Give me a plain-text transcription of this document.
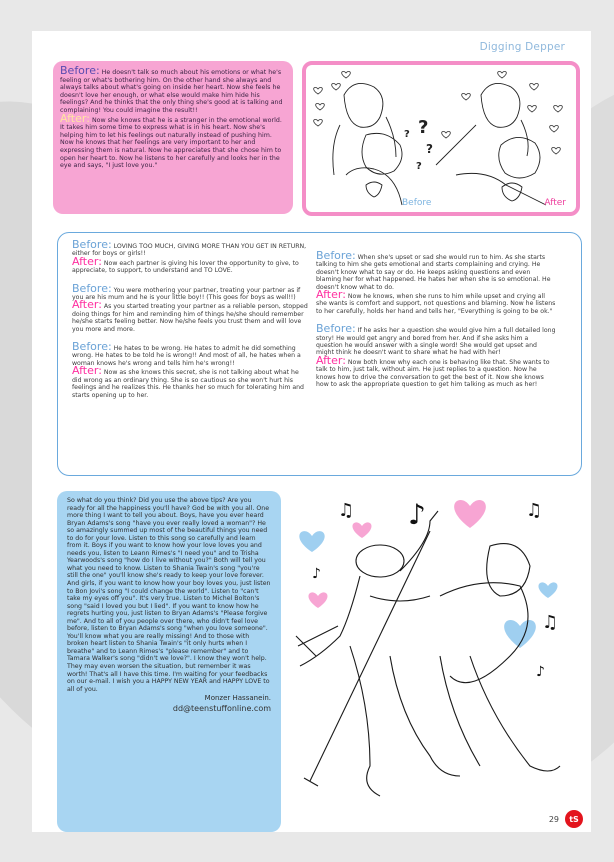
Digging Depper

Before: He doesn't talk so much about his emotions or what he's feeling or what's bothering him. On the other hand she always and always talks about what's going on inside her heart. Now she feels he doesn't love her enough, or what else would make him hide his feelings? And he thinks that the only thing she's good at is talking and complaining! You could imagine the result!!

After: Now she knows that he is a stranger in the emotional world. It takes him some time to express what is in his heart. Now she's helping him to let his feelings out naturally instead of pushing him. Now he knows that her feelings are very important to her and expressing them is natural. Now he appreciates that she chose him to open her heart to. Now he listens to her carefully and looks her in the eye and says, "I just love you."

? ?
?
?
Before	After

Before: LOVING TOO MUCH, GIVING MORE THAN YOU GET IN RETURN, either for boys or girls!!

After: Now each partner is giving his lover the opportunity to give, to appreciate, to support, to understand and TO LOVE.

Before: You were mothering your partner, treating your partner as if you are his mum and he is your little boy!! (This goes for boys as well!!)

After: As you started treating your partner as a reliable person, stopped doing things for him and reminding him of things he/she should remember he/she starts feeling better. Now he/she feels you trust them and will love you more and more.

Before: He hates to be wrong. He hates to admit he did something wrong. He hates to be told he is wrong!! And most of all, he hates when a woman knows he's wrong and tells him he's wrong!!

After: Now as she knows this secret, she is not talking about what he did wrong as an ordinary thing. She is so cautious so she won't hurt his feelings and he realizes this. He thanks her so much for tolerating him and starts opening up to her.

Before: When she's upset or sad she would run to him. As she starts talking to him she gets emotional and starts complaining and crying. He doesn't know what to say or do. He keeps asking questions and even blaming her for what happened. He hates her when she is so emotional. He doesn't know what to do.

After: Now he knows, when she runs to him while upset and crying all she wants is comfort and support, not questions and blaming. Now he listens to her carefully, holds her hand and tells her, "Everything is going to be ok."

Before: If he asks her a question she would give him a full detailed long story! He would get angry and bored from her. And if she asks him a question he would answer with a single word! She would get upset and might think he doesn't want to share what he had with her!

After: Now both know why each one is behaving like that. She wants to talk to him, just talk, without aim. He just replies to a question. Now he knows how to drive the conversation to get the best of it. Now she knows how to ask the appropriate question to get him talking as much as her!

So what do you think? Did you use the above tips? Are you ready for all the happiness you'll have? God be with you all. One more thing I want to tell you about. Boys, have you ever heard Bryan Adams's song "have you ever really loved a woman"? He so amazingly summed up most of the beautiful things you need to do for your love. Listen to this song so carefully and learn from it. Boys if you want to know how your love loves you and needs you, listen to Leann Rimes's "I need you" and to Trisha Yearwoods's song "how do I live without you?" Both will tell you what you need to know. Listen to Shania Twain's song "you're still the one" you'll know she's ready to keep your love forever. And girls, if you want to know how your boy loves you, just listen to Bon Jovi's song "I could change the world". Listen to "can't take my eyes off you". It's very true. Listen to Michel Bolton's song "said I loved you but I lied". If you want to know how he regrets hurting you, just listen to Bryan Adams's "Please forgive me". And to all of you people over there, who didn't feel love before, listen to Bryan Adams's song "when you love someone". You'll know what you are really missing! And to those with broken heart listen to Shania Twain's "it only hurts when I breathe" and to Leann Rimes's "please remember" and to Tamara Walker's song "didn't we love?". I know they won't help. They may even worsen the situation, but remember it was worth! That's all I have this time. I'm waiting for your feedbacks on our e-mail. I wish you a HAPPY NEW YEAR and HAPPY LOVE to all of you.

Monzer Hassanein.

dd@teenstuffonline.com

♫ ♪	♫
♪
♫
♪
29	tS
